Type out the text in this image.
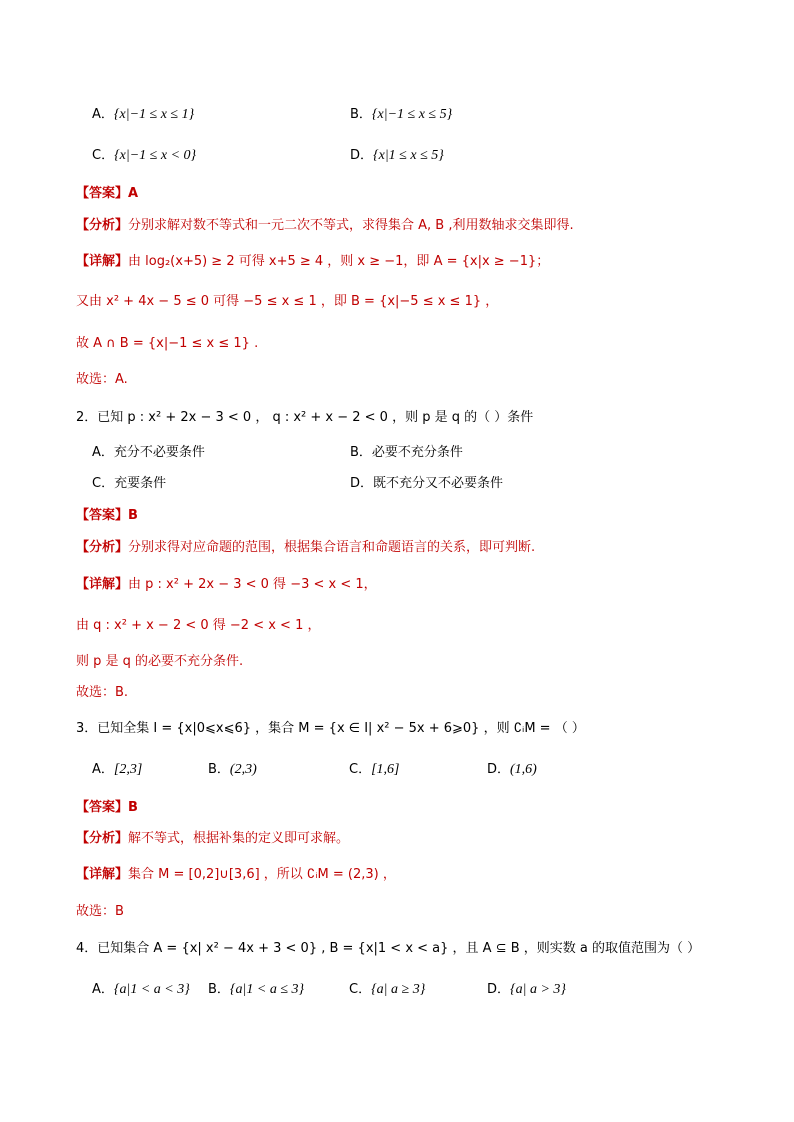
A．{x|−1 ≤ x ≤ 1}	B．{x|−1 ≤ x ≤ 5}
C．{x|−1 ≤ x < 0}	D．{x|1 ≤ x ≤ 5}
【答案】A
【分析】分别求解对数不等式和一元二次不等式，求得集合 A, B ,利用数轴求交集即得.
【详解】由 log₂(x+5) ≥ 2 可得 x+5 ≥ 4 ，则 x ≥ −1，即 A = {x|x ≥ −1}；
又由 x² + 4x − 5 ≤ 0 可得 −5 ≤ x ≤ 1 ，即 B = {x|−5 ≤ x ≤ 1} ，
故 A ∩ B = {x|−1 ≤ x ≤ 1} .
故选：A.
2．已知 p : x² + 2x − 3 < 0 ， q : x² + x − 2 < 0 ，则 p 是 q 的（ ）条件
A．充分不必要条件	B．必要不充分条件
C．充要条件	D．既不充分又不必要条件
【答案】B
【分析】分别求得对应命题的范围，根据集合语言和命题语言的关系，即可判断.
【详解】由 p : x² + 2x − 3 < 0 得 −3 < x < 1，
由 q : x² + x − 2 < 0 得 −2 < x < 1 ，
则 p 是 q 的必要不充分条件.
故选：B.
3．已知全集 I = {x|0⩽x⩽6} ，集合 M = {x ∈ I| x² − 5x + 6⩾0} ，则 ∁ᵢM = （ ）
A．[2,3]	B．(2,3)	C．[1,6]	D．(1,6)
【答案】B
【分析】解不等式，根据补集的定义即可求解。
【详解】集合 M = [0,2]∪[3,6] ，所以 ∁ᵢM = (2,3) ，
故选：B
4．已知集合 A = {x| x² − 4x + 3 < 0} , B = {x|1 < x < a} ，且 A ⊆ B ，则实数 a 的取值范围为（ ）
A．{a|1 < a < 3} B．{a|1 < a ≤ 3}	C．{a| a ≥ 3}	D．{a| a > 3}
